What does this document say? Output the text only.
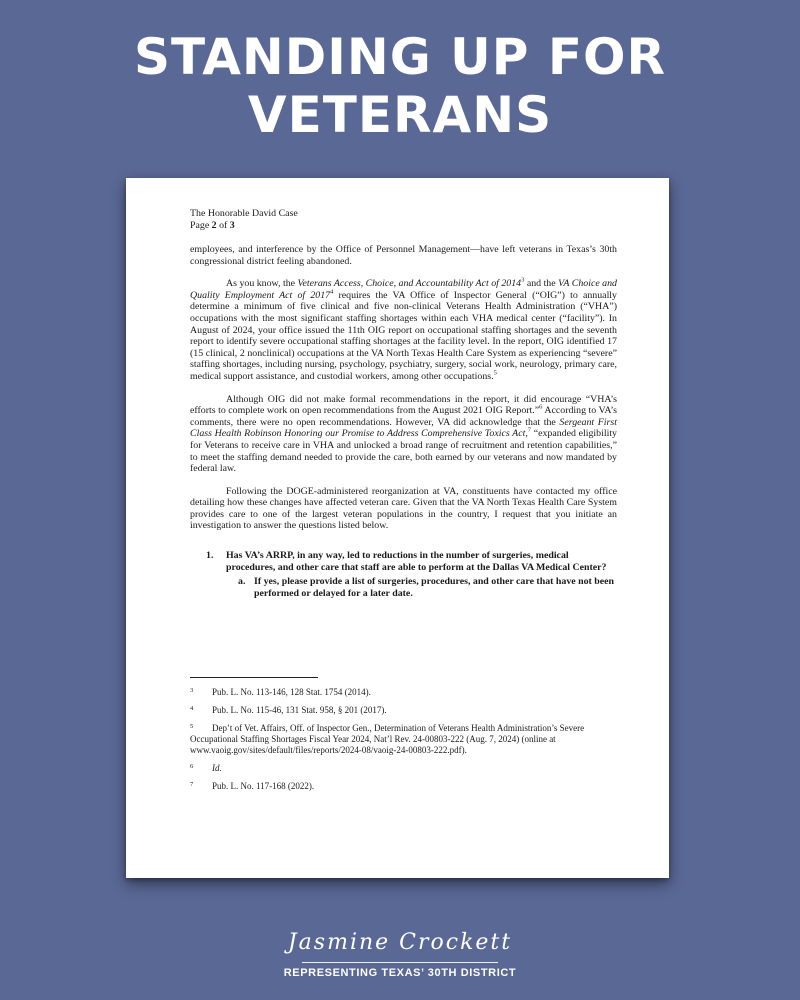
STANDING UP FOR
VETERANS
The Honorable David Case
Page 2 of 3

employees, and interference by the Office of Personnel Management—have left veterans in Texas’s 30th congressional district feeling abandoned.

As you know, the Veterans Access, Choice, and Accountability Act of 2014$^3$ and the VA Choice and Quality Employment Act of 2017$^4$ requires the VA Office of Inspector General (“OIG”) to annually determine a minimum of five clinical and five non-clinical Veterans Health Administration (“VHA”) occupations with the most significant staffing shortages within each VHA medical center (“facility”). In August of 2024, your office issued the 11th OIG report on occupational staffing shortages and the seventh report to identify severe occupational staffing shortages at the facility level. In the report, OIG identified 17 (15 clinical, 2 nonclinical) occupations at the VA North Texas Health Care System as experiencing “severe” staffing shortages, including nursing, psychology, psychiatry, surgery, social work, neurology, primary care, medical support assistance, and custodial workers, among other occupations.$^5$

Although OIG did not make formal recommendations in the report, it did encourage “VHA’s efforts to complete work on open recommendations from the August 2021 OIG Report.”$^6$ According to VA’s comments, there were no open recommendations. However, VA did acknowledge that the Sergeant First Class Health Robinson Honoring our Promise to Address Comprehensive Toxics Act,$^7$ “expanded eligibility for Veterans to receive care in VHA and unlocked a broad range of recruitment and retention capabilities,” to meet the staffing demand needed to provide the care, both earned by our veterans and now mandated by federal law.

Following the DOGE-administered reorganization at VA, constituents have contacted my office detailing how these changes have affected veteran care. Given that the VA North Texas Health Care System provides care to one of the largest veteran populations in the country, I request that you initiate an investigation to answer the questions listed below.

1.	Has VA’s ARRP, in any way, led to reductions in the number of surgeries, medical procedures, and other care that staff are able to perform at the Dallas VA Medical Center?
a. If yes, please provide a list of surgeries, procedures, and other care that have not been performed or delayed for a later date.
3 Pub. L. No. 113-146, 128 Stat. 1754 (2014).
4 Pub. L. No. 115-46, 131 Stat. 958, § 201 (2017).
5 Dep’t of Vet. Affairs, Off. of Inspector Gen., Determination of Veterans Health Administration’s Severe Occupational Staffing Shortages Fiscal Year 2024, Nat’l Rev. 24-00803-222 (Aug. 7, 2024) (online at www.vaoig.gov/sites/default/files/reports/2024-08/vaoig-24-00803-222.pdf).
6 Id.
7 Pub. L. No. 117-168 (2022).
Jasmine Crockett
REPRESENTING TEXAS’ 30TH DISTRICT
